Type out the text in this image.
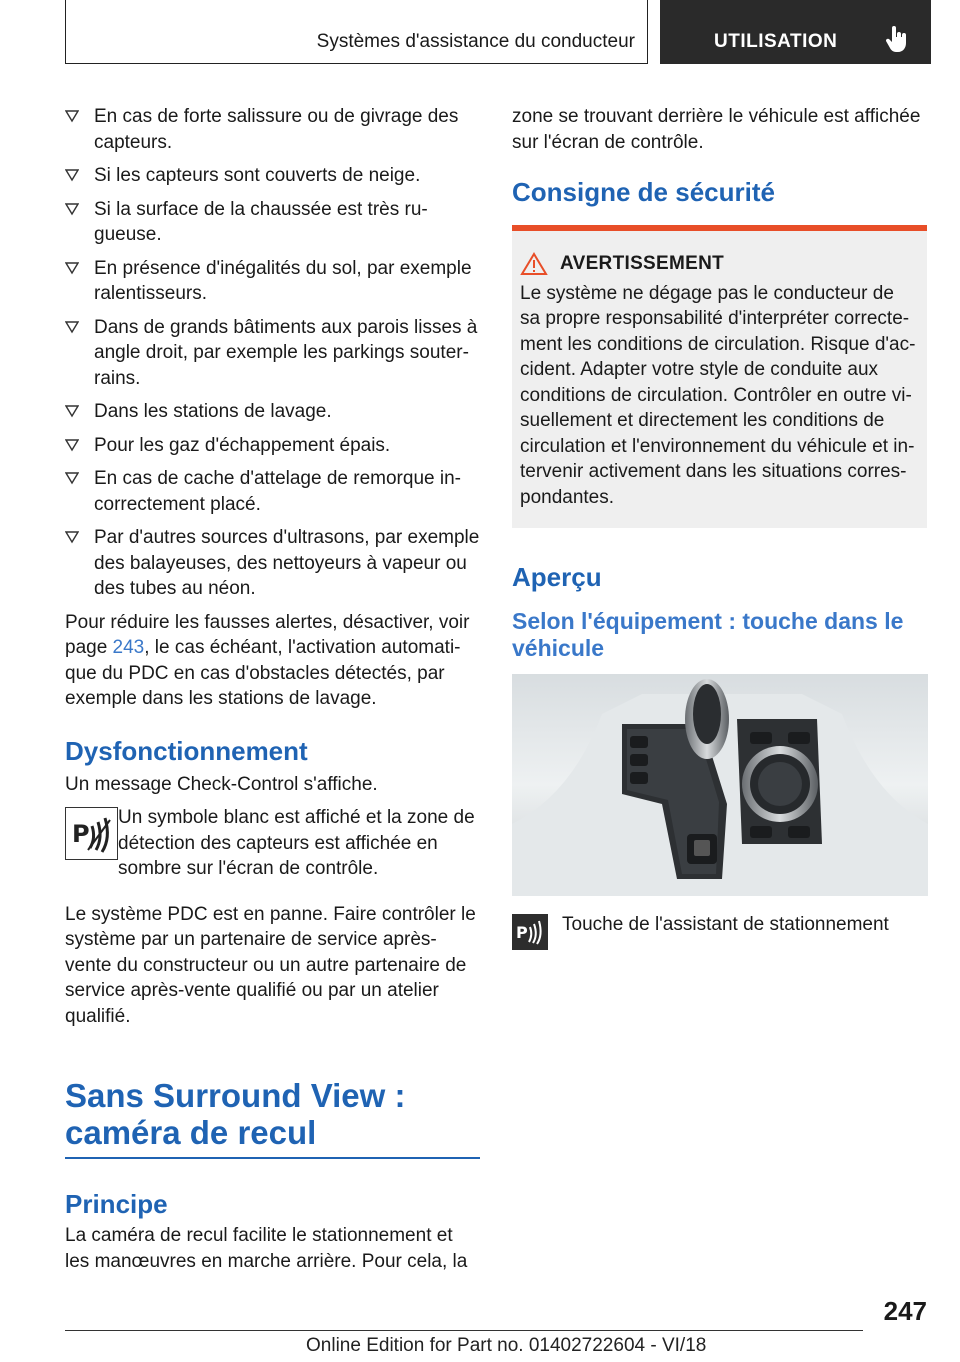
Systèmes d'assistance du conducteur	UTILISATION
En cas de forte salissure ou de givrage des capteurs.
Si les capteurs sont couverts de neige.
Si la surface de la chaussée est très rugueuse.
En présence d'inégalités du sol, par exemple ralentisseurs.
Dans de grands bâtiments aux parois lisses à angle droit, par exemple les parkings souterrains.
Dans les stations de lavage.
Pour les gaz d'échappement épais.
En cas de cache d'attelage de remorque incorrectement placé.
Par d'autres sources d'ultrasons, par exemple des balayeuses, des nettoyeurs à vapeur ou des tubes au néon.

Pour réduire les fausses alertes, désactiver, voir page 243, le cas échéant, l'activation automatique du PDC en cas d'obstacles détectés, par exemple dans les stations de lavage.

Dysfonctionnement

Un message Check-Control s'affiche.

P
Un symbole blanc est affiché et la zone de détection des capteurs est affichée en sombre sur l'écran de contrôle.

Le système PDC est en panne. Faire contrôler le système par un partenaire de service après-vente du constructeur ou un autre partenaire de service après-vente qualifié ou par un atelier qualifié.

Sans Surround View : caméra de recul
Principe

La caméra de recul facilite le stationnement et les manœuvres en marche arrière. Pour cela, la

zone se trouvant derrière le véhicule est affichée sur l'écran de contrôle.

Consigne de sécurité
AVERTISSEMENT
Le système ne dégage pas le conducteur de sa propre responsabilité d'interpréter correctement les conditions de circulation. Risque d'accident. Adapter votre style de conduite aux conditions de circulation. Contrôler en outre visuellement et directement les conditions de circulation et l'environnement du véhicule et intervenir activement dans les situations correspondantes.
Aperçu
Selon l'équipement : touche dans le véhicule
P Touche de l'assistant de stationnement
247
Online Edition for Part no. 01402722604 - VI/18
